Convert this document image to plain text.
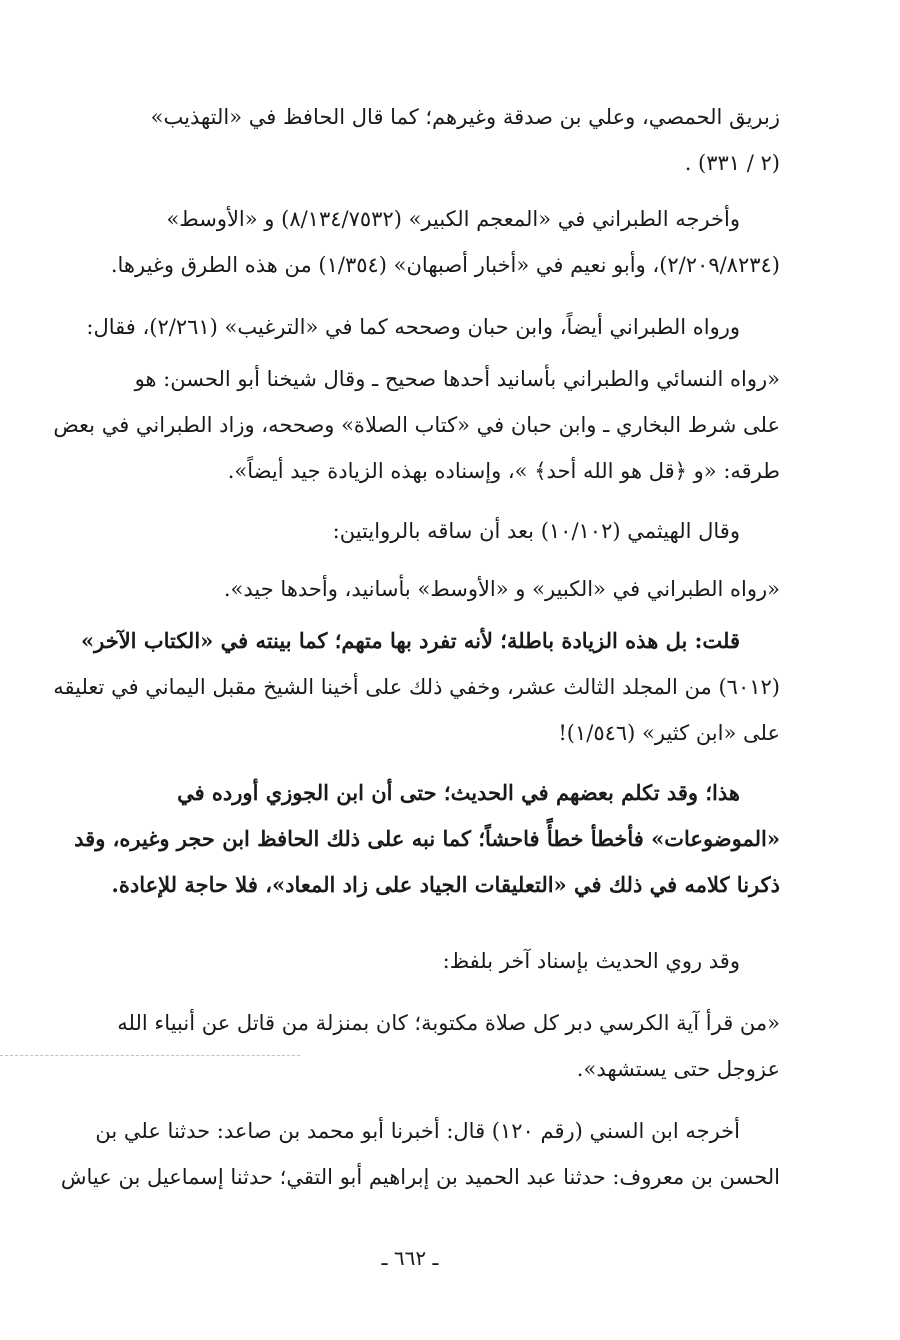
زبريق الحمصي، وعلي بن صدقة وغيرهم؛ كما قال الحافظ في «التهذيب»
(٢ / ٣٣١) .
وأخرجه الطبراني في «المعجم الكبير» (٨/١٣٤/٧٥٣٢) و «الأوسط»
(٢/٢٠٩/٨٢٣٤)، وأبو نعيم في «أخبار أصبهان» (١/٣٥٤) من هذه الطرق وغيرها.
ورواه الطبراني أيضاً، وابن حبان وصححه كما في «الترغيب» (٢/٢٦١)، فقال:
«رواه النسائي والطبراني بأسانيد أحدها صحيح ـ وقال شيخنا أبو الحسن: هو
على شرط البخاري ـ وابن حبان في «كتاب الصلاة» وصححه، وزاد الطبراني في بعض
طرقه: «و ﴿قل هو الله أحد﴾ »، وإسناده بهذه الزيادة جيد أيضاً».
وقال الهيثمي (١٠/١٠٢) بعد أن ساقه بالروايتين:
«رواه الطبراني في «الكبير» و «الأوسط» بأسانيد، وأحدها جيد».
قلت: بل هذه الزيادة باطلة؛ لأنه تفرد بها متهم؛ كما بينته في «الكتاب الآخر»
(٦٠١٢) من المجلد الثالث عشر، وخفي ذلك على أخينا الشيخ مقبل اليماني في تعليقه
على «ابن كثير» (١/٥٤٦)!
هذا؛ وقد تكلم بعضهم في الحديث؛ حتى أن ابن الجوزي أورده في
«الموضوعات» فأخطأ خطأً فاحشاً؛ كما نبه على ذلك الحافظ ابن حجر وغيره، وقد
ذكرنا كلامه في ذلك في «التعليقات الجياد على زاد المعاد»، فلا حاجة للإعادة.
وقد روي الحديث بإسناد آخر بلفظ:
«من قرأ آية الكرسي دبر كل صلاة مكتوبة؛ كان بمنزلة من قاتل عن أنبياء الله
عزوجل حتى يستشهد».
أخرجه ابن السني (رقم ١٢٠) قال: أخبرنا أبو محمد بن صاعد: حدثنا علي بن
الحسن بن معروف: حدثنا عبد الحميد بن إبراهيم أبو التقي؛ حدثنا إسماعيل بن عياش
ـ ٦٦٢ ـ
